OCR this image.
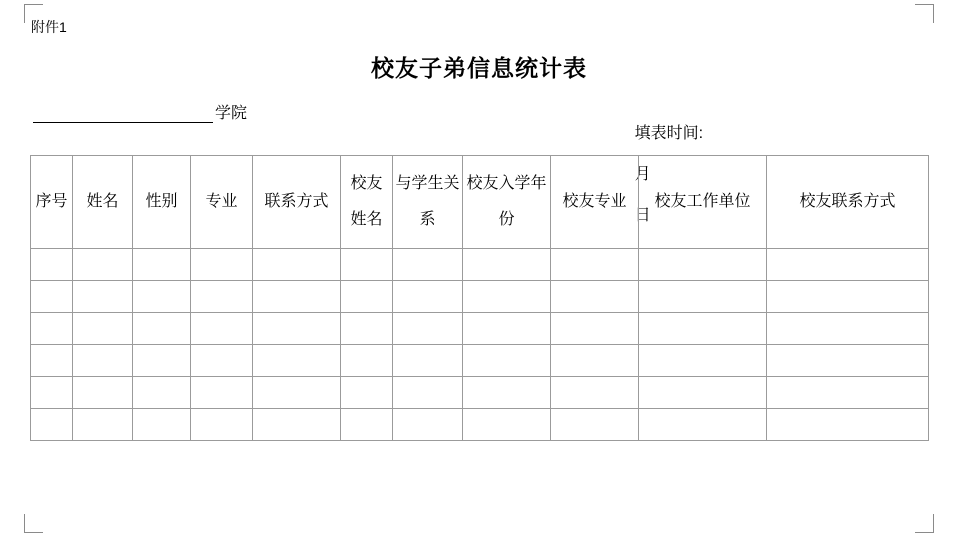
附件1
校友子弟信息统计表
学院

填表时间:

月

日

序号	姓名	性别	专业	联系方式	校友姓名	与学生关系	校友入学年份	校友专业	校友工作单位	校友联系方式
